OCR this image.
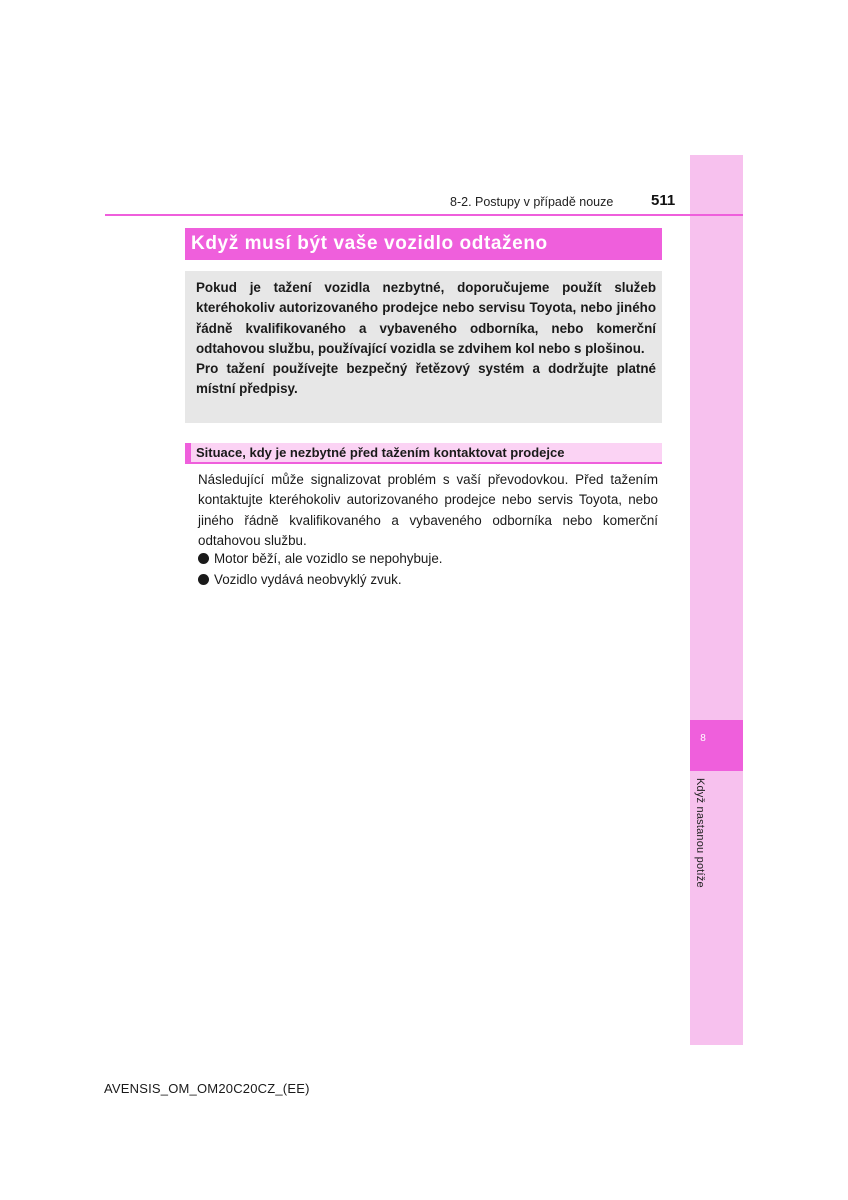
8
Když nastanou potíže
8-2. Postupy v případě nouze	511
Když musí být vaše vozidlo odtaženo

Pokud je tažení vozidla nezbytné, doporučujeme použít služeb kteréhokoliv autorizovaného prodejce nebo servisu Toyota, nebo jiného řádně kvalifikovaného a vybaveného odborníka, nebo komerční odtahovou službu, používající vozidla se zdvihem kol nebo s plošinou.

Pro tažení používejte bezpečný řetězový systém a dodržujte platné místní předpisy.

Situace, kdy je nezbytné před tažením kontaktovat prodejce

Následující může signalizovat problém s vaší převodovkou. Před tažením kontaktujte kteréhokoliv autorizovaného prodejce nebo servis Toyota, nebo jiného řádně kvalifikovaného a vybaveného odborníka nebo komerční odtahovou službu.

Motor běží, ale vozidlo se nepohybuje.
Vozidlo vydává neobvyklý zvuk.
AVENSIS_OM_OM20C20CZ_(EE)
